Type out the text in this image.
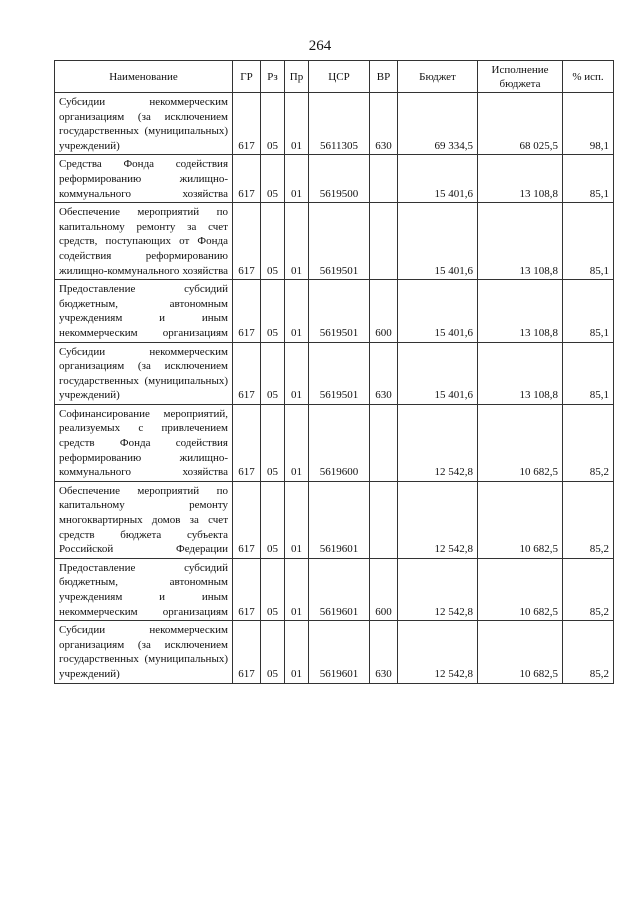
264
Наименование	ГР	Рз	Пр	ЦСР	ВР	Бюджет	Исполнение бюджета	% исп.
Субсидии некоммерческим организациям (за исключением государственных (муниципальных) учреждений)	617	05	01	5611305	630	69 334,5	68 025,5	98,1
Средства Фонда содействия реформированию жилищно-коммунального хозяйства	617	05	01	5619500		15 401,6	13 108,8	85,1
Обеспечение мероприятий по капитальному ремонту за счет средств, поступающих от Фонда содействия реформированию жилищно-коммунального хозяйства	617	05	01	5619501		15 401,6	13 108,8	85,1
Предоставление субсидий бюджетным, автономным учреждениям и иным некоммерческим организациям	617	05	01	5619501	600	15 401,6	13 108,8	85,1
Субсидии некоммерческим организациям (за исключением государственных (муниципальных) учреждений)	617	05	01	5619501	630	15 401,6	13 108,8	85,1
Софинансирование мероприятий, реализуемых с привлечением средств Фонда содействия реформированию жилищно-коммунального хозяйства	617	05	01	5619600		12 542,8	10 682,5	85,2
Обеспечение мероприятий по капитальному ремонту многоквартирных домов за счет средств бюджета субъекта Российской Федерации	617	05	01	5619601		12 542,8	10 682,5	85,2
Предоставление субсидий бюджетным, автономным учреждениям и иным некоммерческим организациям	617	05	01	5619601	600	12 542,8	10 682,5	85,2
Субсидии некоммерческим организациям (за исключением государственных (муниципальных) учреждений)	617	05	01	5619601	630	12 542,8	10 682,5	85,2
